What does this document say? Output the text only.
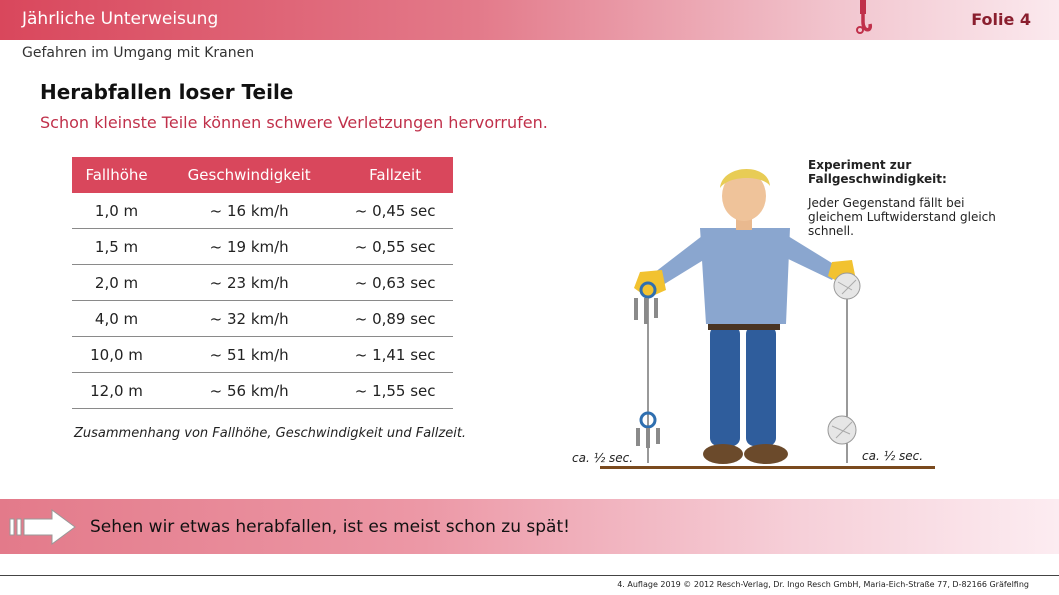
Jährliche Unterweisung	Folie 4
Gefahren im Umgang mit Kranen
Herabfallen loser Teile
Schon kleinste Teile können schwere Verletzungen hervorrufen.
Fallhöhe	Geschwindigkeit	Fallzeit
1,0 m	~ 16 km/h	~ 0,45 sec
1,5 m	~ 19 km/h	~ 0,55 sec
2,0 m	~ 23 km/h	~ 0,63 sec
4,0 m	~ 32 km/h	~ 0,89 sec
10,0 m	~ 51 km/h	~ 1,41 sec
12,0 m	~ 56 km/h	~ 1,55 sec
Zusammenhang von Fallhöhe, Geschwindigkeit und Fallzeit.
Experiment zur Fallgeschwindigkeit:
Jeder Gegenstand fällt bei gleichem Luftwiderstand gleich schnell.
ca. ½ sec.	ca. ½ sec.
Sehen wir etwas herabfallen, ist es meist schon zu spät!
4. Auflage 2019 © 2012 Resch-Verlag, Dr. Ingo Resch GmbH, Maria-Eich-Straße 77, D-82166 Gräfelfing
